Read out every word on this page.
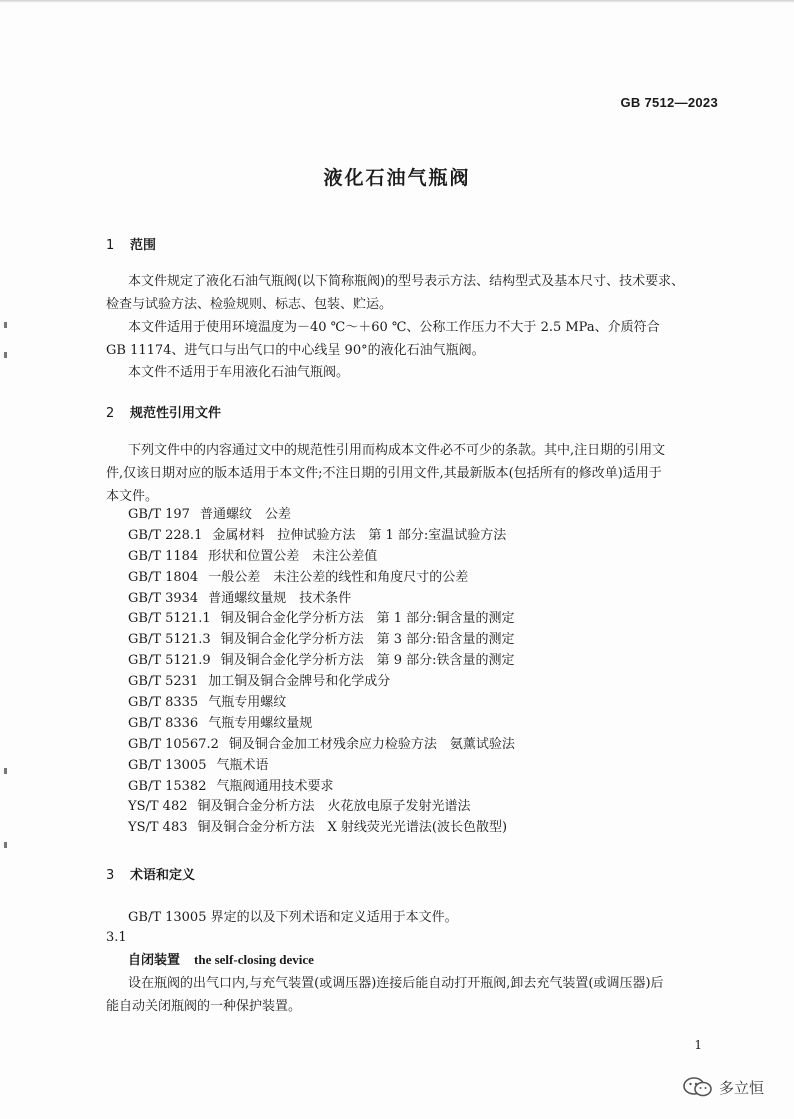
GB 7512—2023
液化石油气瓶阀
1 范围
本文件规定了液化石油气瓶阀(以下简称瓶阀)的型号表示方法、结构型式及基本尺寸、技术要求、
检查与试验方法、检验规则、标志、包装、贮运。
本文件适用于使用环境温度为－40 ℃～＋60 ℃、公称工作压力不大于 2.5 MPa、介质符合
GB 11174、进气口与出气口的中心线呈 90°的液化石油气瓶阀。
本文件不适用于车用液化石油气瓶阀。
2 规范性引用文件
下列文件中的内容通过文中的规范性引用而构成本文件必不可少的条款。其中,注日期的引用文
件,仅该日期对应的版本适用于本文件;不注日期的引用文件,其最新版本(包括所有的修改单)适用于
本文件。
GB/T 197 普通螺纹　公差
GB/T 228.1 金属材料　拉伸试验方法　第 1 部分:室温试验方法
GB/T 1184 形状和位置公差　未注公差值
GB/T 1804 一般公差　未注公差的线性和角度尺寸的公差
GB/T 3934 普通螺纹量规　技术条件
GB/T 5121.1 铜及铜合金化学分析方法　第 1 部分:铜含量的测定
GB/T 5121.3 铜及铜合金化学分析方法　第 3 部分:铅含量的测定
GB/T 5121.9 铜及铜合金化学分析方法　第 9 部分:铁含量的测定
GB/T 5231 加工铜及铜合金牌号和化学成分
GB/T 8335 气瓶专用螺纹
GB/T 8336 气瓶专用螺纹量规
GB/T 10567.2 铜及铜合金加工材残余应力检验方法　氨薰试验法
GB/T 13005 气瓶术语
GB/T 15382 气瓶阀通用技术要求
YS/T 482 铜及铜合金分析方法　火花放电原子发射光谱法
YS/T 483 铜及铜合金分析方法　X 射线荧光光谱法(波长色散型)
3 术语和定义
GB/T 13005 界定的以及下列术语和定义适用于本文件。
3.1
自闭装置 the self-closing device
设在瓶阀的出气口内,与充气装置(或调压器)连接后能自动打开瓶阀,卸去充气装置(或调压器)后
能自动关闭瓶阀的一种保护装置。
1
多立恒
